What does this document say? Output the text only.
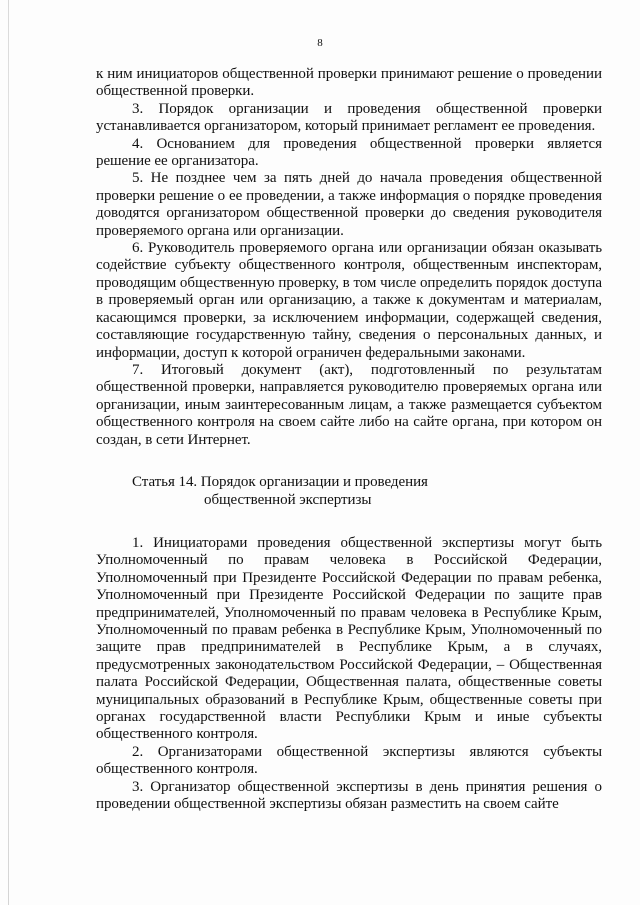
8

к ним инициаторов общественной проверки принимают решение о проведении общественной проверки.

3. Порядок организации и проведения общественной проверки устанавливается организатором, который принимает регламент ее проведения.

4. Основанием для проведения общественной проверки является решение ее организатора.

5. Не позднее чем за пять дней до начала проведения общественной проверки решение о ее проведении, а также информация о порядке проведения доводятся организатором общественной проверки до сведения руководителя проверяемого органа или организации.

6. Руководитель проверяемого органа или организации обязан оказывать содействие субъекту общественного контроля, общественным инспекторам, проводящим общественную проверку, в том числе определить порядок доступа в проверяемый орган или организацию, а также к документам и материалам, касающимся проверки, за исключением информации, содержащей сведения, составляющие государственную тайну, сведения о персональных данных, и информации, доступ к которой ограничен федеральными законами.

7. Итоговый документ (акт), подготовленный по результатам общественной проверки, направляется руководителю проверяемых органа или организации, иным заинтересованным лицам, а также размещается субъектом общественного контроля на своем сайте либо на сайте органа, при котором он создан, в сети Интернет.

Статья 14. Порядок организации и проведения
общественной экспертизы

1. Инициаторами проведения общественной экспертизы могут быть Уполномоченный по правам человека в Российской Федерации, Уполномоченный при Президенте Российской Федерации по правам ребенка, Уполномоченный при Президенте Российской Федерации по защите прав предпринимателей, Уполномоченный по правам человека в Республике Крым, Уполномоченный по правам ребенка в Республике Крым, Уполномоченный по защите прав предпринимателей в Республике Крым, а в случаях, предусмотренных законодательством Российской Федерации, – Общественная палата Российской Федерации, Общественная палата, общественные советы муниципальных образований в Республике Крым, общественные советы при органах государственной власти Республики Крым и иные субъекты общественного контроля.

2. Организаторами общественной экспертизы являются субъекты общественного контроля.

3. Организатор общественной экспертизы в день принятия решения о проведении общественной экспертизы обязан разместить на своем сайте
